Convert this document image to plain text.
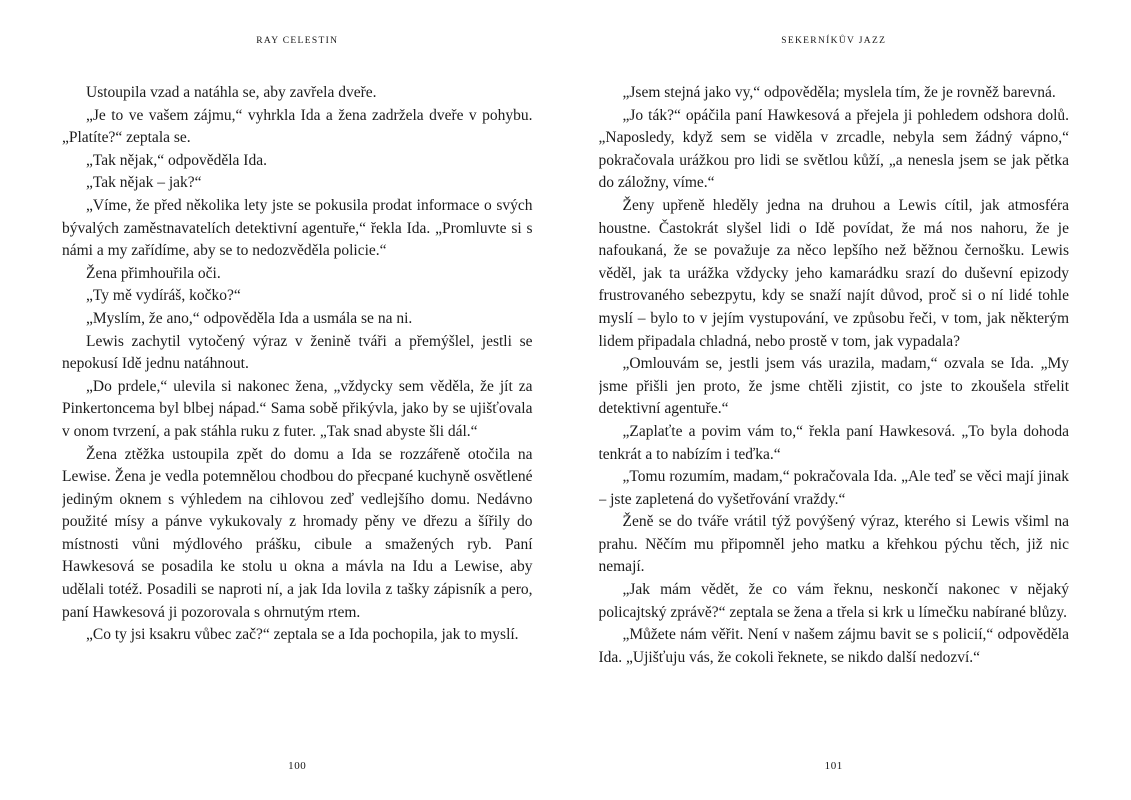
RAY CELESTIN

Ustoupila vzad a natáhla se, aby zavřela dveře.

„Je to ve vašem zájmu,“ vyhrkla Ida a žena zadržela dveře v pohybu. „Platíte?“ zeptala se.

„Tak nějak,“ odpověděla Ida.

„Tak nějak – jak?“

„Víme, že před několika lety jste se pokusila prodat informace o svých bývalých zaměstnavatelích detektivní agentuře,“ řekla Ida. „Promluvte si s námi a my zařídíme, aby se to nedozvěděla policie.“

Žena přimhouřila oči.

„Ty mě vydíráš, kočko?“

„Myslím, že ano,“ odpověděla Ida a usmála se na ni.

Lewis zachytil vytočený výraz v ženině tváři a přemýšlel, jestli se nepokusí Idě jednu natáhnout.

„Do prdele,“ ulevila si nakonec žena, „vždycky sem věděla, že jít za Pinkertoncema byl blbej nápad.“ Sama sobě přikývla, jako by se ujišťovala v onom tvrzení, a pak stáhla ruku z futer. „Tak snad abyste šli dál.“

Žena ztěžka ustoupila zpět do domu a Ida se rozzářeně otočila na Lewise. Žena je vedla potemnělou chodbou do přecpané kuchyně osvětlené jediným oknem s výhledem na cihlovou zeď vedlejšího domu. Nedávno použité mísy a pánve vykukovaly z hromady pěny ve dřezu a šířily do místnosti vůni mýdlového prášku, cibule a smažených ryb. Paní Hawkesová se posadila ke stolu u okna a mávla na Idu a Lewise, aby udělali totéž. Posadili se naproti ní, a jak Ida lovila z tašky zápisník a pero, paní Hawkesová ji pozorovala s ohrnutým rtem.

„Co ty jsi ksakru vůbec zač?“ zeptala se a Ida pochopila, jak to myslí.

100
SEKERNÍKŮV JAZZ

„Jsem stejná jako vy,“ odpověděla; myslela tím, že je rovněž barevná.

„Jo ták?“ opáčila paní Hawkesová a přejela ji pohledem odshora dolů. „Naposledy, když sem se viděla v zrcadle, nebyla sem žádný vápno,“ pokračovala urážkou pro lidi se světlou kůží, „a nenesla jsem se jak pětka do záložny, víme.“

Ženy upřeně hleděly jedna na druhou a Lewis cítil, jak atmosféra houstne. Častokrát slyšel lidi o Idě povídat, že má nos nahoru, že je nafoukaná, že se považuje za něco lepšího než běžnou černošku. Lewis věděl, jak ta urážka vždycky jeho kamarádku srazí do duševní epizody frustrovaného sebezpytu, kdy se snaží najít důvod, proč si o ní lidé tohle myslí – bylo to v jejím vystupování, ve způsobu řeči, v tom, jak některým lidem připadala chladná, nebo prostě v tom, jak vypadala?

„Omlouvám se, jestli jsem vás urazila, madam,“ ozvala se Ida. „My jsme přišli jen proto, že jsme chtěli zjistit, co jste to zkoušela střelit detektivní agentuře.“

„Zaplaťte a povim vám to,“ řekla paní Hawkesová. „To byla dohoda tenkrát a to nabízím i teďka.“

„Tomu rozumím, madam,“ pokračovala Ida. „Ale teď se věci mají jinak – jste zapletená do vyšetřování vraždy.“

Ženě se do tváře vrátil týž povýšený výraz, kterého si Lewis všiml na prahu. Něčím mu připomněl jeho matku a křehkou pýchu těch, již nic nemají.

„Jak mám vědět, že co vám řeknu, neskončí nakonec v nějaký policajtský zprávě?“ zeptala se žena a třela si krk u límečku nabírané blůzy.

„Můžete nám věřit. Není v našem zájmu bavit se s policií,“ odpověděla Ida. „Ujišťuju vás, že cokoli řeknete, se nikdo další nedozví.“

101
